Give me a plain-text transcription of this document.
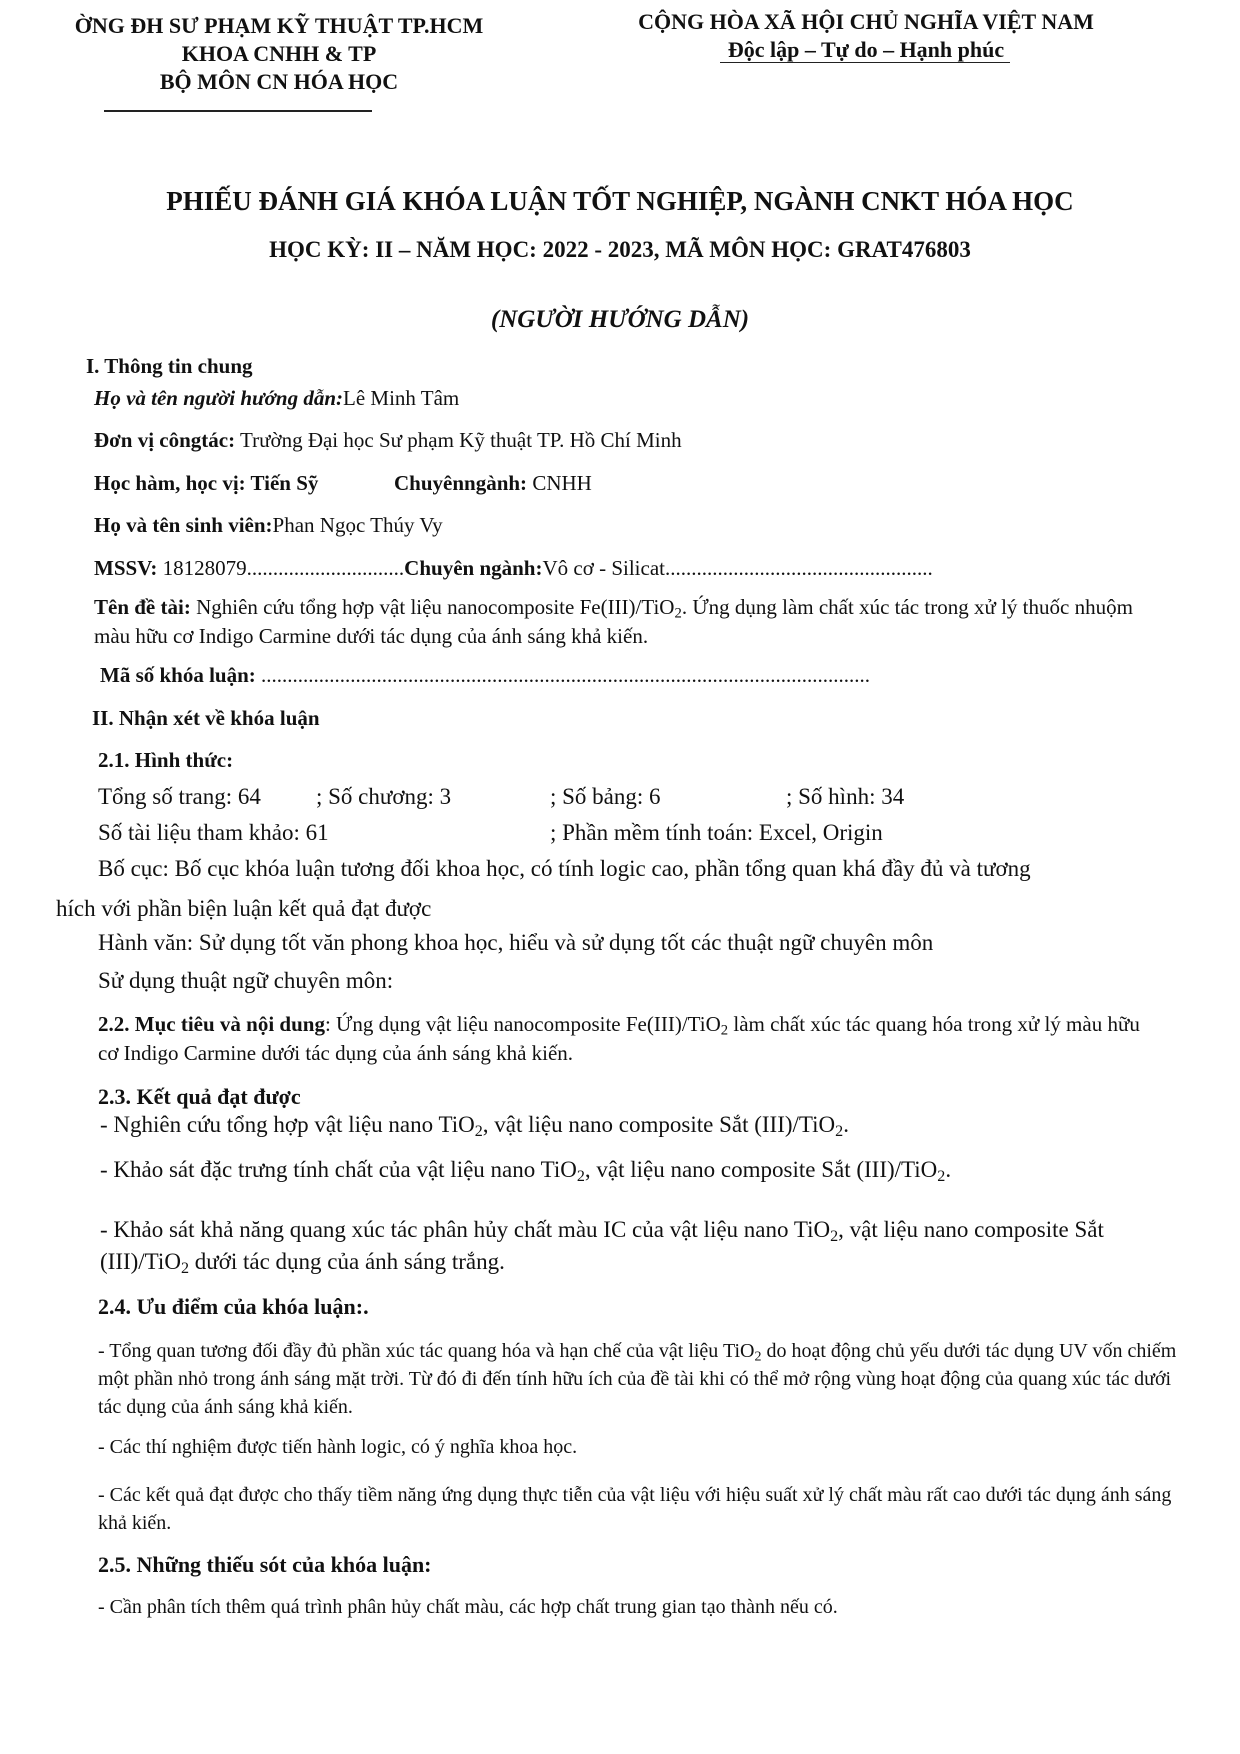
ỜNG ĐH SƯ PHẠM KỸ THUẬT TP.HCM
KHOA CNHH & TP
BỘ MÔN CN HÓA HỌC
CỘNG HÒA XÃ HỘI CHỦ NGHĨA VIỆT NAM
Độc lập – Tự do – Hạnh phúc
PHIẾU ĐÁNH GIÁ KHÓA LUẬN TỐT NGHIỆP, NGÀNH CNKT HÓA HỌC
HỌC KỲ: II – NĂM HỌC: 2022 - 2023, MÃ MÔN HỌC: GRAT476803
(NGƯỜI HƯỚNG DẪN)
I. Thông tin chung
Họ và tên người hướng dẫn:Lê Minh Tâm
Đơn vị côngtác: Trường Đại học Sư phạm Kỹ thuật TP. Hồ Chí Minh
Học hàm, học vị: Tiến Sỹ	Chuyênngành: CNHH
Họ và tên sinh viên:Phan Ngọc Thúy Vy
MSSV: 18128079..............................Chuyên ngành:Vô cơ - Silicat...................................................
Tên đề tài: Nghiên cứu tổng hợp vật liệu nanocomposite Fe(III)/TiO$_2$. Ứng dụng làm chất xúc tác trong xử lý thuốc nhuộm màu hữu cơ Indigo Carmine dưới tác dụng của ánh sáng khả kiến.
Mã số khóa luận: ....................................................................................................................
II. Nhận xét về khóa luận
2.1. Hình thức:
Tổng số trang: 64 ; Số chương: 3	; Số bảng: 6	; Số hình: 34
Số tài liệu tham khảo: 61	; Phần mềm tính toán: Excel, Origin
Bố cục: Bố cục khóa luận tương đối khoa học, có tính logic cao, phần tổng quan khá đầy đủ và tương
hích với phần biện luận kết quả đạt được
Hành văn: Sử dụng tốt văn phong khoa học, hiểu và sử dụng tốt các thuật ngữ chuyên môn
Sử dụng thuật ngữ chuyên môn:
2.2. Mục tiêu và nội dung: Ứng dụng vật liệu nanocomposite Fe(III)/TiO$_2$ làm chất xúc tác quang hóa trong xử lý màu hữu cơ Indigo Carmine dưới tác dụng của ánh sáng khả kiến.
2.3. Kết quả đạt được
- Nghiên cứu tổng hợp vật liệu nano TiO$_2$, vật liệu nano composite Sắt (III)/TiO$_2$.
- Khảo sát đặc trưng tính chất của vật liệu nano TiO$_2$, vật liệu nano composite Sắt (III)/TiO$_2$.
- Khảo sát khả năng quang xúc tác phân hủy chất màu IC của vật liệu nano TiO$_2$, vật liệu nano composite Sắt (III)/TiO$_2$ dưới tác dụng của ánh sáng trắng.
2.4. Ưu điểm của khóa luận:.
- Tổng quan tương đối đầy đủ phần xúc tác quang hóa và hạn chế của vật liệu TiO$_2$ do hoạt động chủ yếu dưới tác dụng UV vốn chiếm một phần nhỏ trong ánh sáng mặt trời. Từ đó đi đến tính hữu ích của đề tài khi có thể mở rộng vùng hoạt động của quang xúc tác dưới tác dụng của ánh sáng khả kiến.
- Các thí nghiệm được tiến hành logic, có ý nghĩa khoa học.
- Các kết quả đạt được cho thấy tiềm năng ứng dụng thực tiễn của vật liệu với hiệu suất xử lý chất màu rất cao dưới tác dụng ánh sáng khả kiến.
2.5. Những thiếu sót của khóa luận:
- Cần phân tích thêm quá trình phân hủy chất màu, các hợp chất trung gian tạo thành nếu có.
